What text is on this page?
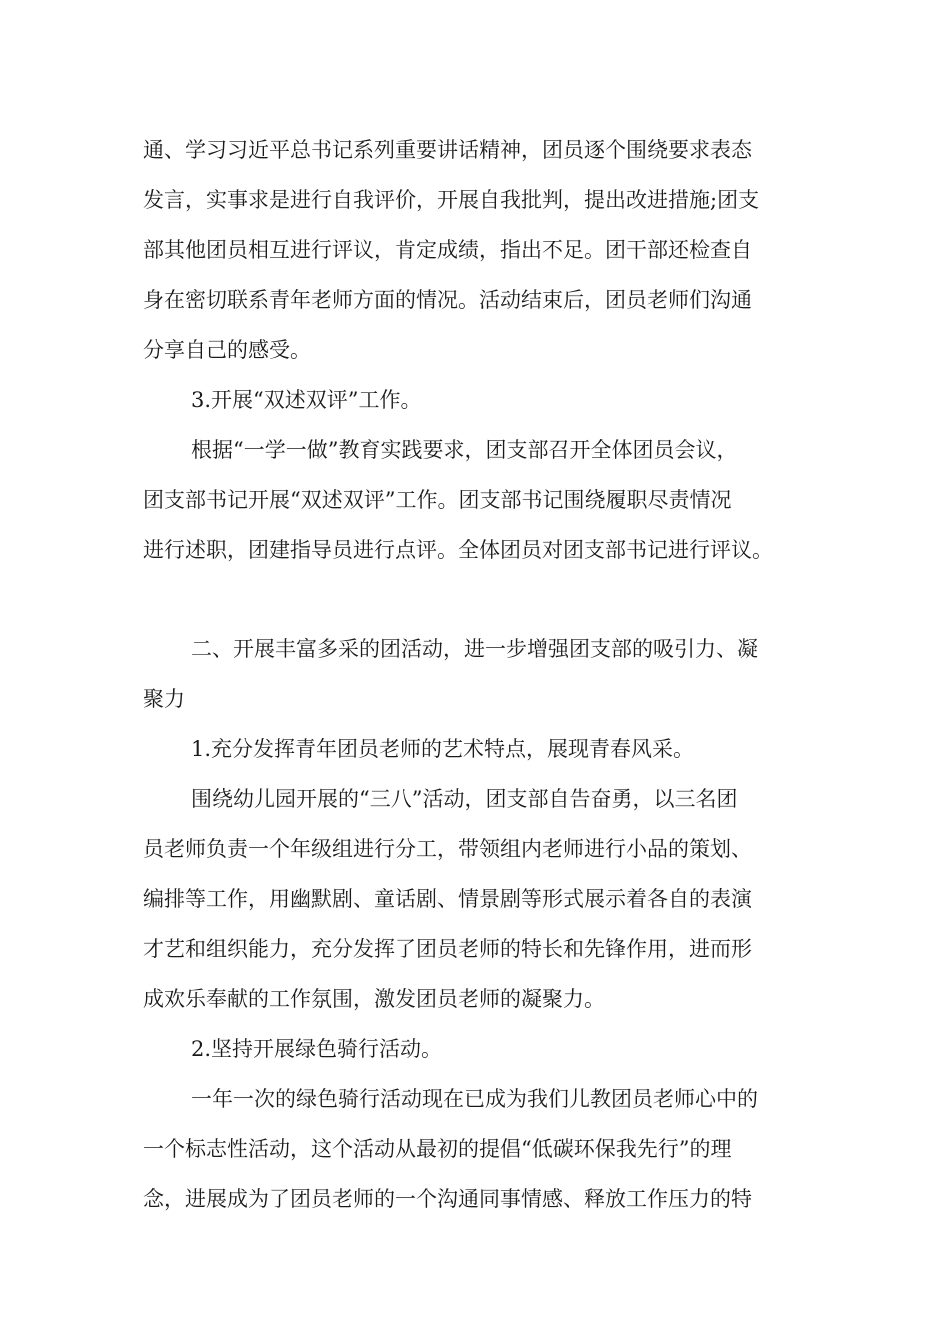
通、学习习近平总书记系列重要讲话精神，团员逐个围绕要求表态
发言，实事求是进行自我评价，开展自我批判，提出改进措施;团支
部其他团员相互进行评议，肯定成绩，指出不足。团干部还检查自
身在密切联系青年老师方面的情况。活动结束后，团员老师们沟通
分享自己的感受。
3.开展“双述双评”工作。
根据“一学一做”教育实践要求，团支部召开全体团员会议，
团支部书记开展“双述双评”工作。团支部书记围绕履职尽责情况
进行述职，团建指导员进行点评。全体团员对团支部书记进行评议。
二、开展丰富多采的团活动，进一步增强团支部的吸引力、凝
聚力
1.充分发挥青年团员老师的艺术特点，展现青春风采。
围绕幼儿园开展的“三八”活动，团支部自告奋勇，以三名团
员老师负责一个年级组进行分工，带领组内老师进行小品的策划、
编排等工作，用幽默剧、童话剧、情景剧等形式展示着各自的表演
才艺和组织能力，充分发挥了团员老师的特长和先锋作用，进而形
成欢乐奉献的工作氛围，激发团员老师的凝聚力。
2.坚持开展绿色骑行活动。
一年一次的绿色骑行活动现在已成为我们儿教团员老师心中的
一个标志性活动，这个活动从最初的提倡“低碳环保我先行”的理
念，进展成为了团员老师的一个沟通同事情感、释放工作压力的特
